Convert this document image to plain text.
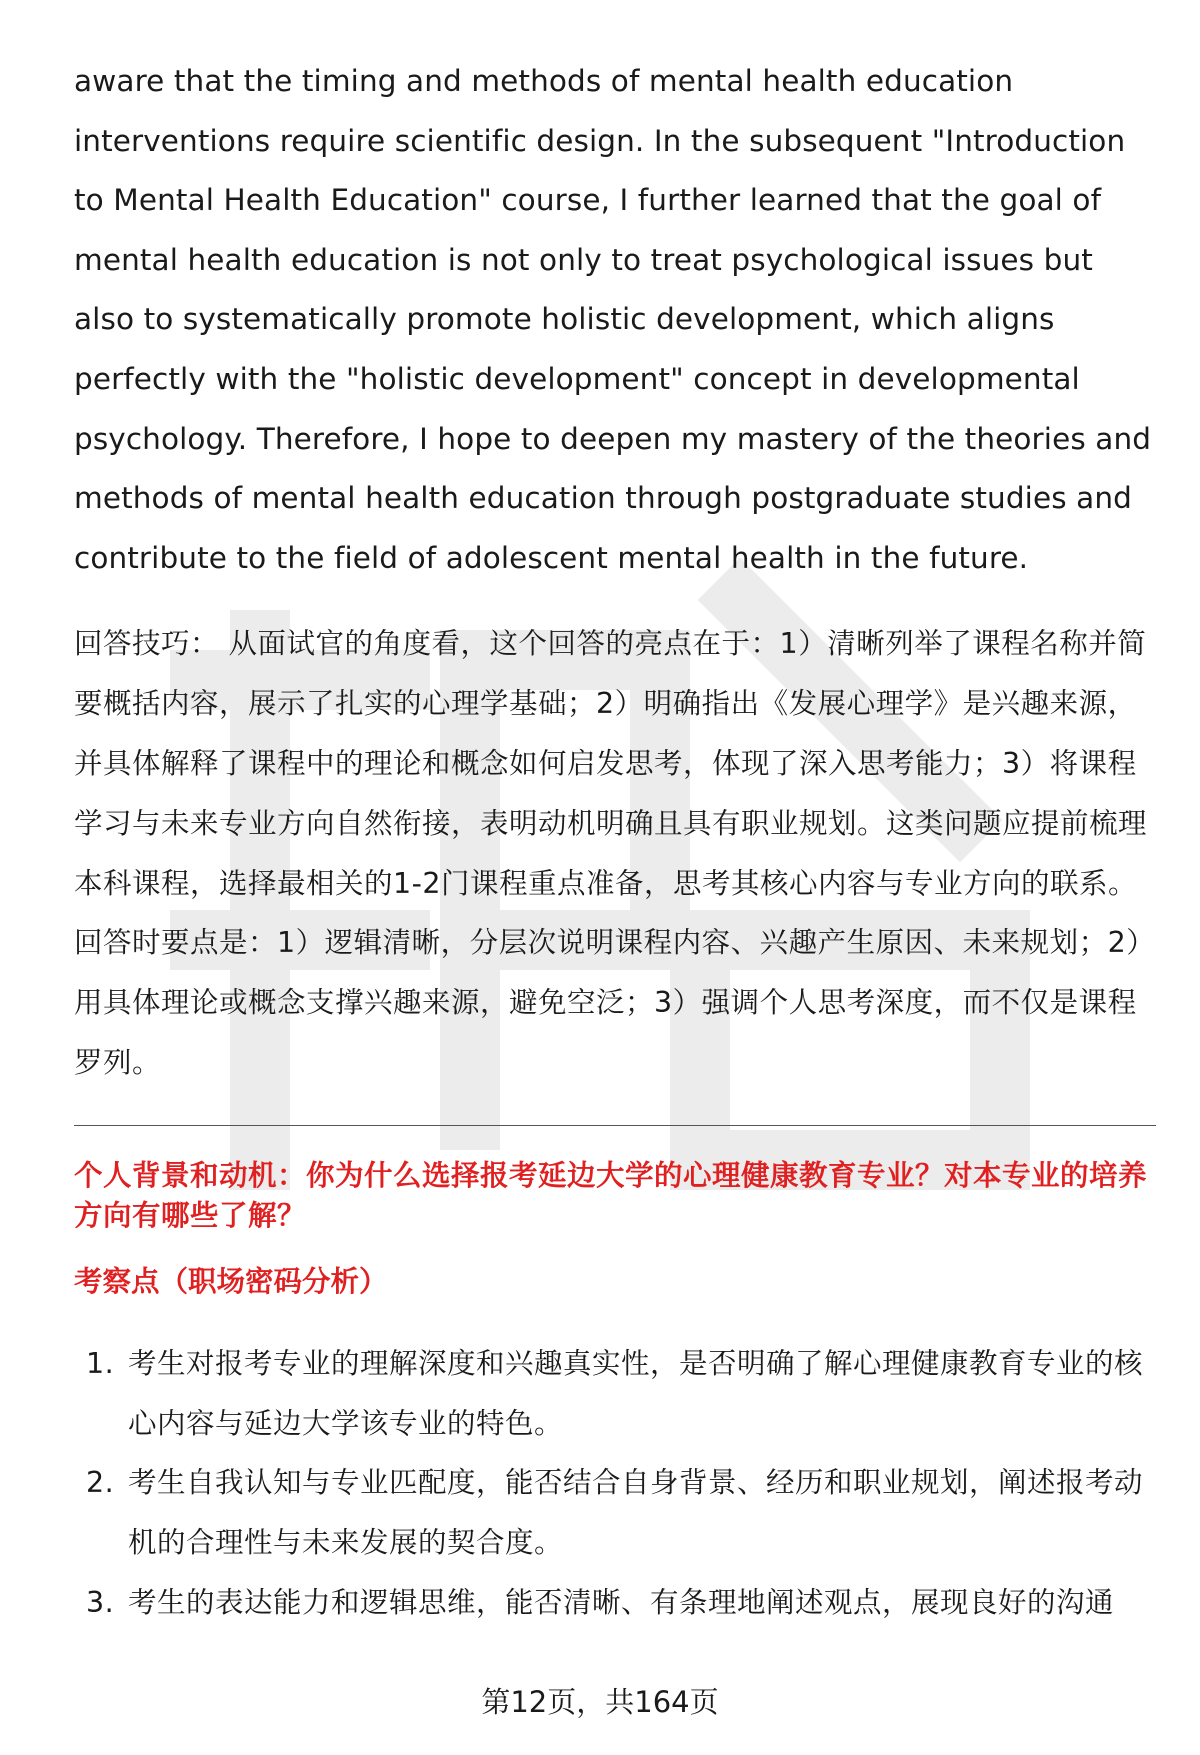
aware that the timing and methods of mental health education interventions require scientific design. In the subsequent "Introduction to Mental Health Education" course, I further learned that the goal of mental health education is not only to treat psychological issues but also to systematically promote holistic development, which aligns perfectly with the "holistic development" concept in developmental psychology. Therefore, I hope to deepen my mastery of the theories and methods of mental health education through postgraduate studies and contribute to the field of adolescent mental health in the future.

回答技巧： 从面试官的角度看，这个回答的亮点在于：1）清晰列举了课程名称并简要概括内容，展示了扎实的心理学基础；2）明确指出《发展心理学》是兴趣来源，并具体解释了课程中的理论和概念如何启发思考，体现了深入思考能力；3）将课程学习与未来专业方向自然衔接，表明动机明确且具有职业规划。这类问题应提前梳理本科课程，选择最相关的1-2门课程重点准备，思考其核心内容与专业方向的联系。回答时要点是：1）逻辑清晰，分层次说明课程内容、兴趣产生原因、未来规划；2）用具体理论或概念支撑兴趣来源，避免空泛；3）强调个人思考深度，而不仅是课程罗列。

个人背景和动机：你为什么选择报考延边大学的心理健康教育专业？对本专业的培养方向有哪些了解？
考察点（职场密码分析）
1. 考生对报考专业的理解深度和兴趣真实性，是否明确了解心理健康教育专业的核心内容与延边大学该专业的特色。
2. 考生自我认知与专业匹配度，能否结合自身背景、经历和职业规划，阐述报考动机的合理性与未来发展的契合度。
3. 考生的表达能力和逻辑思维，能否清晰、有条理地阐述观点，展现良好的沟通
第12页，共164页
